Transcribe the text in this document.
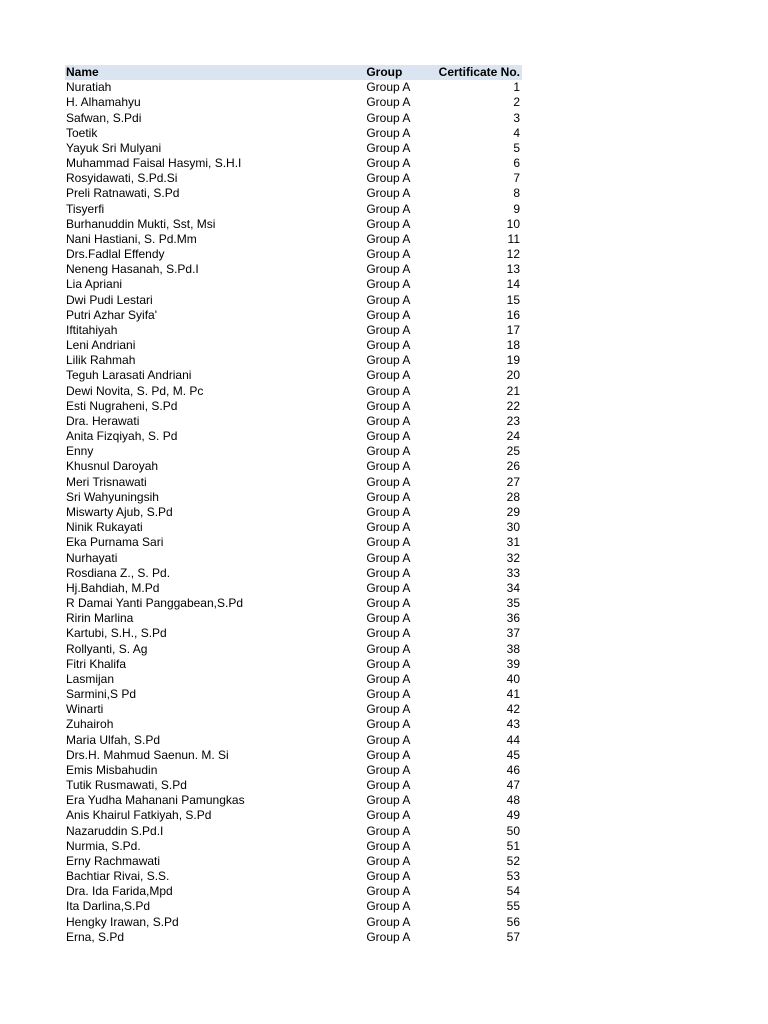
Name	Group	Certificate No.
Nuratiah	Group A	1
H. Alhamahyu	Group A	2
Safwan, S.Pdi	Group A	3
Toetik	Group A	4
Yayuk Sri Mulyani	Group A	5
Muhammad Faisal Hasymi, S.H.I	Group A	6
Rosyidawati, S.Pd.Si	Group A	7
Preli Ratnawati, S.Pd	Group A	8
Tisyerfi	Group A	9
Burhanuddin Mukti, Sst, Msi	Group A	10
Nani Hastiani, S. Pd.Mm	Group A	11
Drs.Fadlal Effendy	Group A	12
Neneng Hasanah, S.Pd.I	Group A	13
Lia Apriani	Group A	14
Dwi Pudi Lestari	Group A	15
Putri Azhar Syifa'	Group A	16
Iftitahiyah	Group A	17
Leni Andriani	Group A	18
Lilik Rahmah	Group A	19
Teguh Larasati Andriani	Group A	20
Dewi Novita, S. Pd, M. Pc	Group A	21
Esti Nugraheni, S.Pd	Group A	22
Dra. Herawati	Group A	23
Anita Fizqiyah, S. Pd	Group A	24
Enny	Group A	25
Khusnul Daroyah	Group A	26
Meri Trisnawati	Group A	27
Sri Wahyuningsih	Group A	28
Miswarty Ajub, S.Pd	Group A	29
Ninik Rukayati	Group A	30
Eka Purnama Sari	Group A	31
Nurhayati	Group A	32
Rosdiana Z., S. Pd.	Group A	33
Hj.Bahdiah, M.Pd	Group A	34
R Damai Yanti Panggabean,S.Pd	Group A	35
Ririn Marlina	Group A	36
Kartubi, S.H., S.Pd	Group A	37
Rollyanti, S. Ag	Group A	38
Fitri Khalifa	Group A	39
Lasmijan	Group A	40
Sarmini,S Pd	Group A	41
Winarti	Group A	42
Zuhairoh	Group A	43
Maria Ulfah, S.Pd	Group A	44
Drs.H. Mahmud Saenun. M. Si	Group A	45
Emis Misbahudin	Group A	46
Tutik Rusmawati, S.Pd	Group A	47
Era Yudha Mahanani Pamungkas	Group A	48
Anis Khairul Fatkiyah, S.Pd	Group A	49
Nazaruddin S.Pd.I	Group A	50
Nurmia, S.Pd.	Group A	51
Erny Rachmawati	Group A	52
Bachtiar Rivai, S.S.	Group A	53
Dra. Ida Farida,Mpd	Group A	54
Ita Darlina,S.Pd	Group A	55
Hengky Irawan, S.Pd	Group A	56
Erna, S.Pd	Group A	57
